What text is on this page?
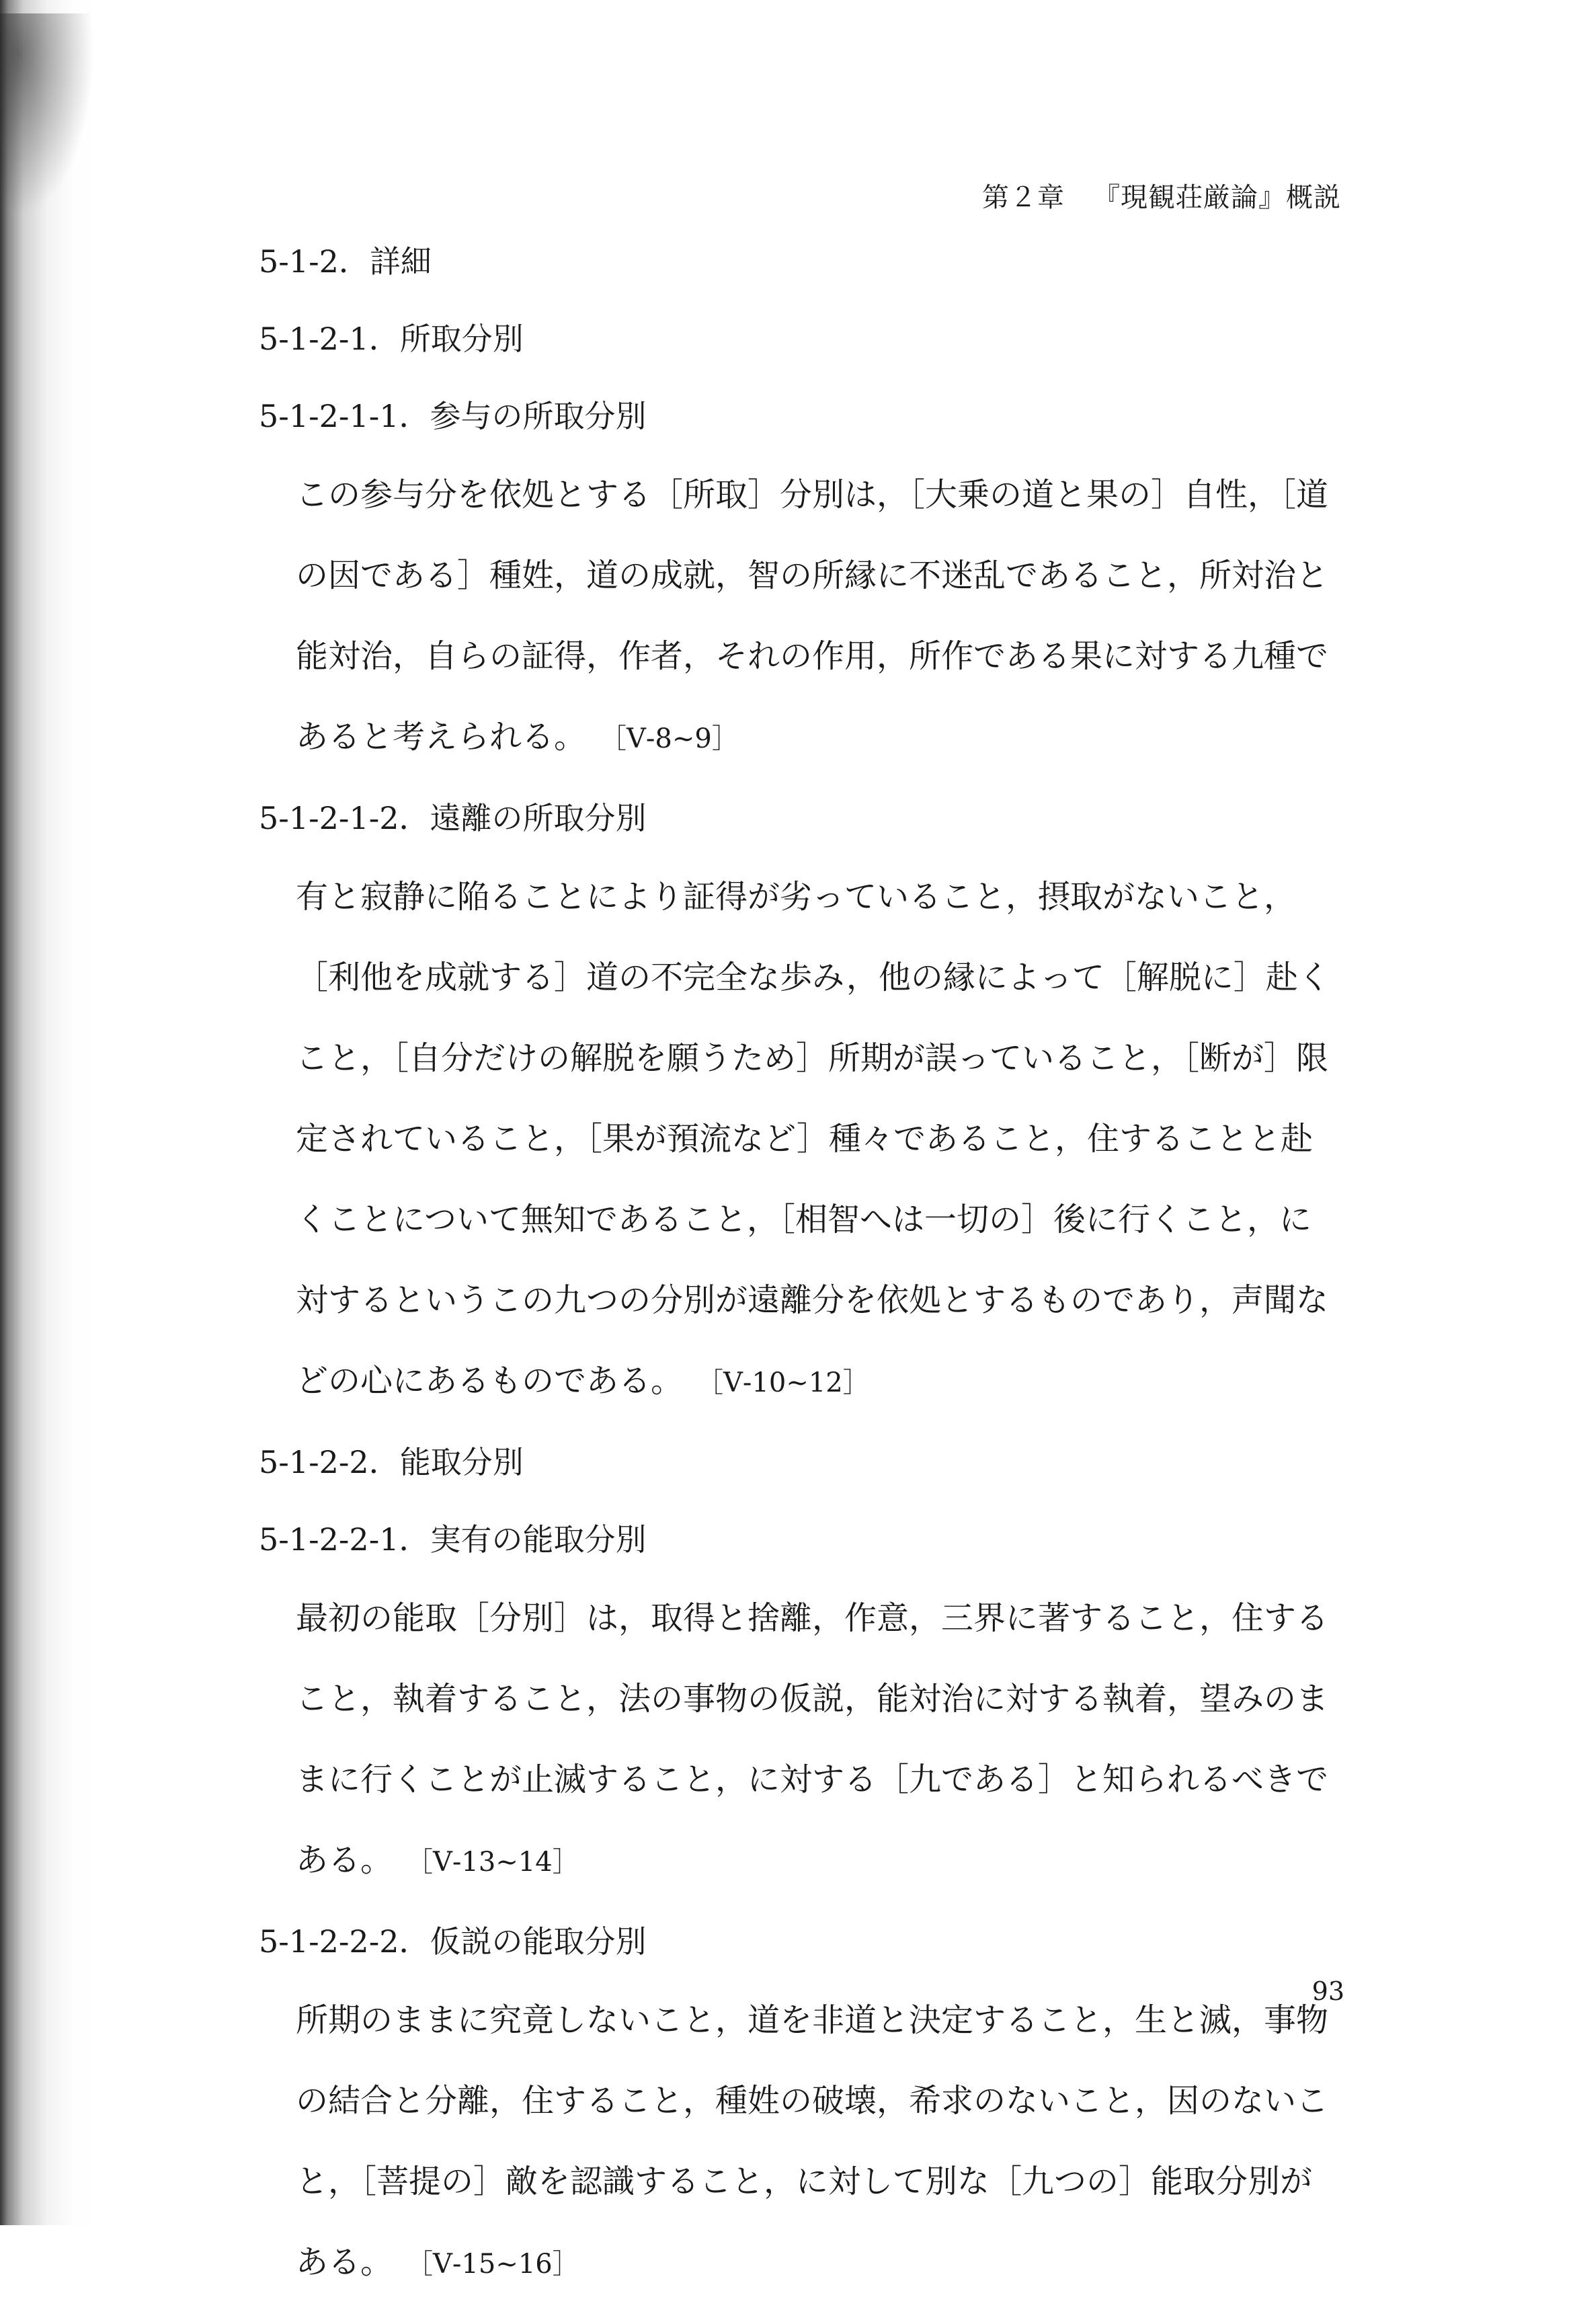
第２章 『現観荘厳論』概説
5-1-2．詳細
5-1-2-1．所取分別
5-1-2-1-1．参与の所取分別
この参与分を依処とする［所取］分別は，［大乗の道と果の］自性，［道
の因である］種姓，道の成就，智の所縁に不迷乱であること，所対治と
能対治，自らの証得，作者，それの作用，所作である果に対する九種で
あると考えられる。 ［Ⅴ-8~9］
5-1-2-1-2．遠離の所取分別
有と寂静に陥ることにより証得が劣っていること，摂取がないこと，
［利他を成就する］道の不完全な歩み，他の縁によって［解脱に］赴く
こと，［自分だけの解脱を願うため］所期が誤っていること，［断が］限
定されていること，［果が預流など］種々であること，住することと赴
くことについて無知であること，［相智へは一切の］後に行くこと，に
対するというこの九つの分別が遠離分を依処とするものであり，声聞な
どの心にあるものである。 ［Ⅴ-10~12］
5-1-2-2．能取分別
5-1-2-2-1．実有の能取分別
最初の能取［分別］は，取得と捨離，作意，三界に著すること，住する
こと，執着すること，法の事物の仮説，能対治に対する執着，望みのま
まに行くことが止滅すること，に対する［九である］と知られるべきで
ある。 ［Ⅴ-13~14］
5-1-2-2-2．仮説の能取分別
所期のままに究竟しないこと，道を非道と決定すること，生と滅，事物
の結合と分離，住すること，種姓の破壊，希求のないこと，因のないこ
と，［菩提の］敵を認識すること，に対して別な［九つの］能取分別が
ある。 ［Ⅴ-15~16］
93
